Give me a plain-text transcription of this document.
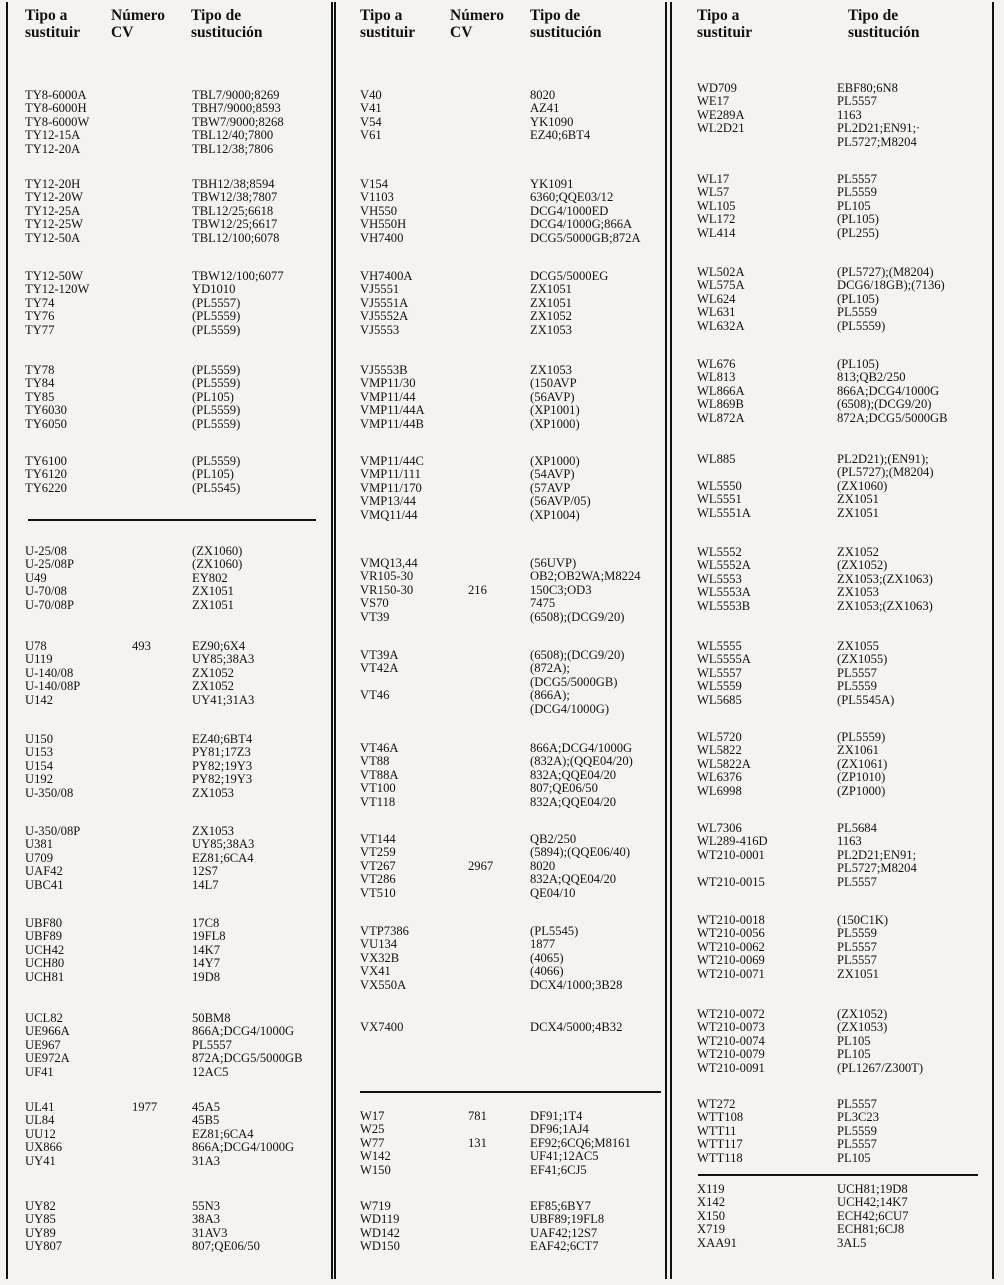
Tipo a
sustituir
Número
CV
Tipo de
sustitución
TY8-6000A	TBL7/9000;8269
TY8-6000H	TBH7/9000;8593
TY8-6000W	TBW7/9000;8268
TY12-15A	TBL12/40;7800
TY12-20A	TBL12/38;7806
TY12-20H	TBH12/38;8594
TY12-20W	TBW12/38;7807
TY12-25A	TBL12/25;6618
TY12-25W	TBW12/25;6617
TY12-50A	TBL12/100;6078
TY12-50W	TBW12/100;6077
TY12-120W	YD1010
TY74	(PL5557)
TY76	(PL5559)
TY77	(PL5559)
TY78	(PL5559)
TY84	(PL5559)
TY85	(PL105)
TY6030	(PL5559)
TY6050	(PL5559)
TY6100	(PL5559)
TY6120	(PL105)
TY6220	(PL5545)
U-25/08	(ZX1060)
U-25/08P	(ZX1060)
U49	EY802
U-70/08	ZX1051
U-70/08P	ZX1051
U78	493	EZ90;6X4
U119	UY85;38A3
U-140/08	ZX1052
U-140/08P	ZX1052
U142	UY41;31A3
U150	EZ40;6BT4
U153	PY81;17Z3
U154	PY82;19Y3
U192	PY82;19Y3
U-350/08	ZX1053
U-350/08P	ZX1053
U381	UY85;38A3
U709	EZ81;6CA4
UAF42	12S7
UBC41	14L7
UBF80	17C8
UBF89	19FL8
UCH42	14K7
UCH80	14Y7
UCH81	19D8
UCL82	50BM8
UE966A	866A;DCG4/1000G
UE967	PL5557
UE972A	872A;DCG5/5000GB
UF41	12AC5
UL41	1977	45A5
UL84	45B5
UU12	EZ81;6CA4
UX866	866A;DCG4/1000G
UY41	31A3
UY82	55N3
UY85	38A3
UY89	31AV3
UY807	807;QE06/50
Tipo a
sustituir
Número
CV
Tipo de
sustitución
V40	8020
V41	AZ41
V54	YK1090
V61	EZ40;6BT4
V154	YK1091
V1103	6360;QQE03/12
VH550	DCG4/1000ED
VH550H	DCG4/1000G;866A
VH7400	DCG5/5000GB;872A
VH7400A	DCG5/5000EG
VJ5551	ZX1051
VJ5551A	ZX1051
VJ5552A	ZX1052
VJ5553	ZX1053
VJ5553B	ZX1053
VMP11/30	(150AVP
VMP11/44	(56AVP)
VMP11/44A	(XP1001)
VMP11/44B	(XP1000)
VMP11/44C	(XP1000)
VMP11/111	(54AVP)
VMP11/170	(57AVP
VMP13/44	(56AVP/05)
VMQ11/44	(XP1004)
VMQ13,44	(56UVP)
VR105-30	OB2;OB2WA;M8224
VR150-30	216	150C3;OD3
VS70	7475
VT39	(6508);(DCG9/20)
VT39A	(6508);(DCG9/20)
VT42A	(872A);
(DCG5/5000GB)
VT46	(866A);
(DCG4/1000G)
VT46A	866A;DCG4/1000G
VT88	(832A);(QQE04/20)
VT88A	832A;QQE04/20
VT100	807;QE06/50
VT118	832A;QQE04/20
VT144	QB2/250
VT259	(5894);(QQE06/40)
VT267	2967	8020
VT286	832A;QQE04/20
VT510	QE04/10
VTP7386	(PL5545)
VU134	1877
VX32B	(4065)
VX41	(4066)
VX550A	DCX4/1000;3B28
VX7400	DCX4/5000;4B32
W17	781	DF91;1T4
W25	DF96;1AJ4
W77	131	EF92;6CQ6;M8161
W142	UF41;12AC5
W150	EF41;6CJ5
W719	EF85;6BY7
WD119	UBF89;19FL8
WD142	UAF42;12S7
WD150	EAF42;6CT7
Tipo a
sustituir
Tipo de
sustitución
WD709	EBF80;6N8
WE17	PL5557
WE289A	1163
WL2D21	PL2D21;EN91;·
PL5727;M8204
WL17	PL5557
WL57	PL5559
WL105	PL105
WL172	(PL105)
WL414	(PL255)
WL502A	(PL5727);(M8204)
WL575A	DCG6/18GB);(7136)
WL624	(PL105)
WL631	PL5559
WL632A	(PL5559)
WL676	(PL105)
WL813	813;QB2/250
WL866A	866A;DCG4/1000G
WL869B	(6508);(DCG9/20)
WL872A	872A;DCG5/5000GB
WL885	PL2D21);(EN91);
(PL5727);(M8204)
WL5550	(ZX1060)
WL5551	ZX1051
WL5551A	ZX1051
WL5552	ZX1052
WL5552A	(ZX1052)
WL5553	ZX1053;(ZX1063)
WL5553A	ZX1053
WL5553B	ZX1053;(ZX1063)
WL5555	ZX1055
WL5555A	(ZX1055)
WL5557	PL5557
WL5559	PL5559
WL5685	(PL5545A)
WL5720	(PL5559)
WL5822	ZX1061
WL5822A	(ZX1061)
WL6376	(ZP1010)
WL6998	(ZP1000)
WL7306	PL5684
WL289-416D	1163
WT210-0001	PL2D21;EN91;
PL5727;M8204
WT210-0015	PL5557
WT210-0018	(150C1K)
WT210-0056	PL5559
WT210-0062	PL5557
WT210-0069	PL5557
WT210-0071	ZX1051
WT210-0072	(ZX1052)
WT210-0073	(ZX1053)
WT210-0074	PL105
WT210-0079	PL105
WT210-0091	(PL1267/Z300T)
WT272	PL5557
WTT108	PL3C23
WTT11	PL5559
WTT117	PL5557
WTT118	PL105
X119	UCH81;19D8
X142	UCH42;14K7
X150	ECH42;6CU7
X719	ECH81;6CJ8
XAA91	3AL5
